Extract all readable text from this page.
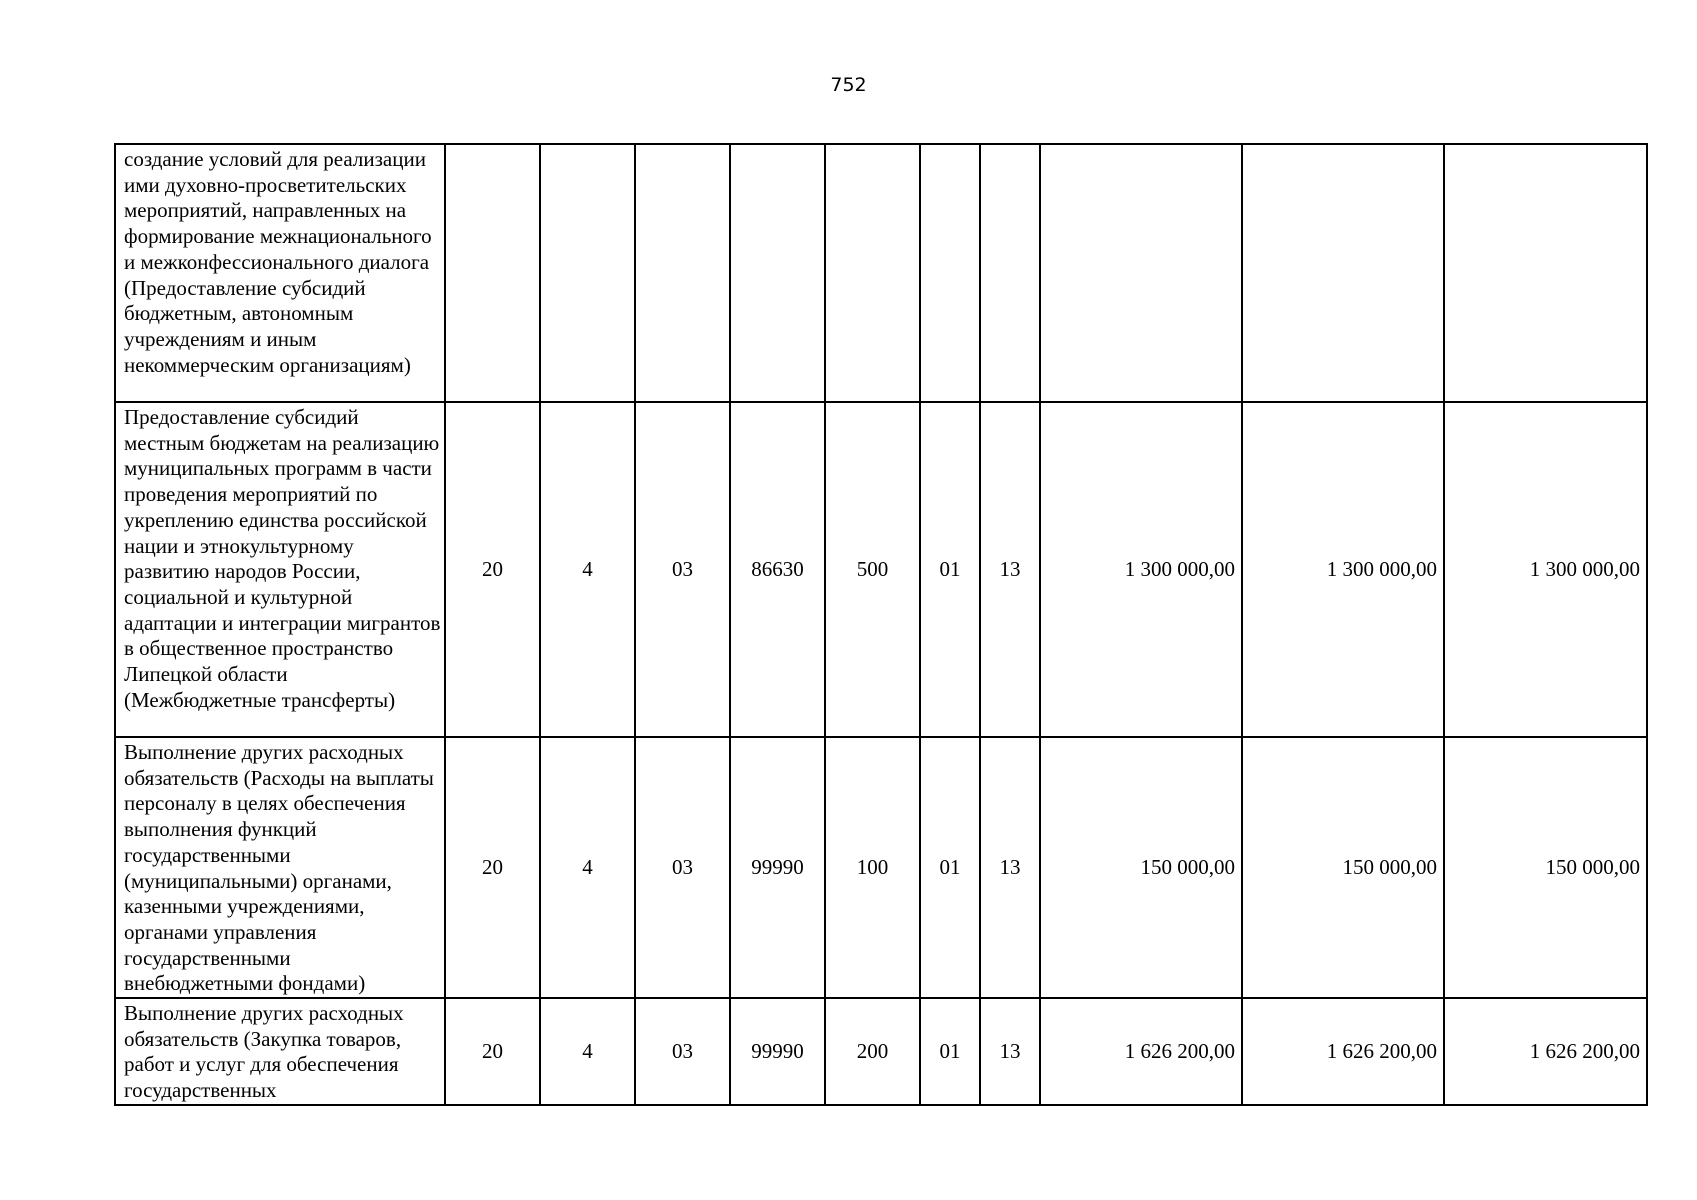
752
создание условий для реализации ими духовно-просветительских мероприятий, направленных на формирование межнационального и межконфессионального диалога (Предоставление субсидий бюджетным, автономным учреждениям и иным некоммерческим организациям)										
Предоставление субсидий местным бюджетам на реализацию муниципальных программ в части проведения мероприятий по укреплению единства российской нации и этнокультурному развитию народов России, социальной и культурной адаптации и интеграции мигрантов в общественное пространство Липецкой области (Межбюджетные трансферты)	20	4	03	86630	500	01	13	1 300 000,00	1 300 000,00	1 300 000,00
Выполнение других расходных обязательств (Расходы на выплаты персоналу в целях обеспечения выполнения функций государственными (муниципальными) органами, казенными учреждениями, органами управления государственными внебюджетными фондами)	20	4	03	99990	100	01	13	150 000,00	150 000,00	150 000,00
Выполнение других расходных обязательств (Закупка товаров, работ и услуг для обеспечения государственных	20	4	03	99990	200	01	13	1 626 200,00	1 626 200,00	1 626 200,00
